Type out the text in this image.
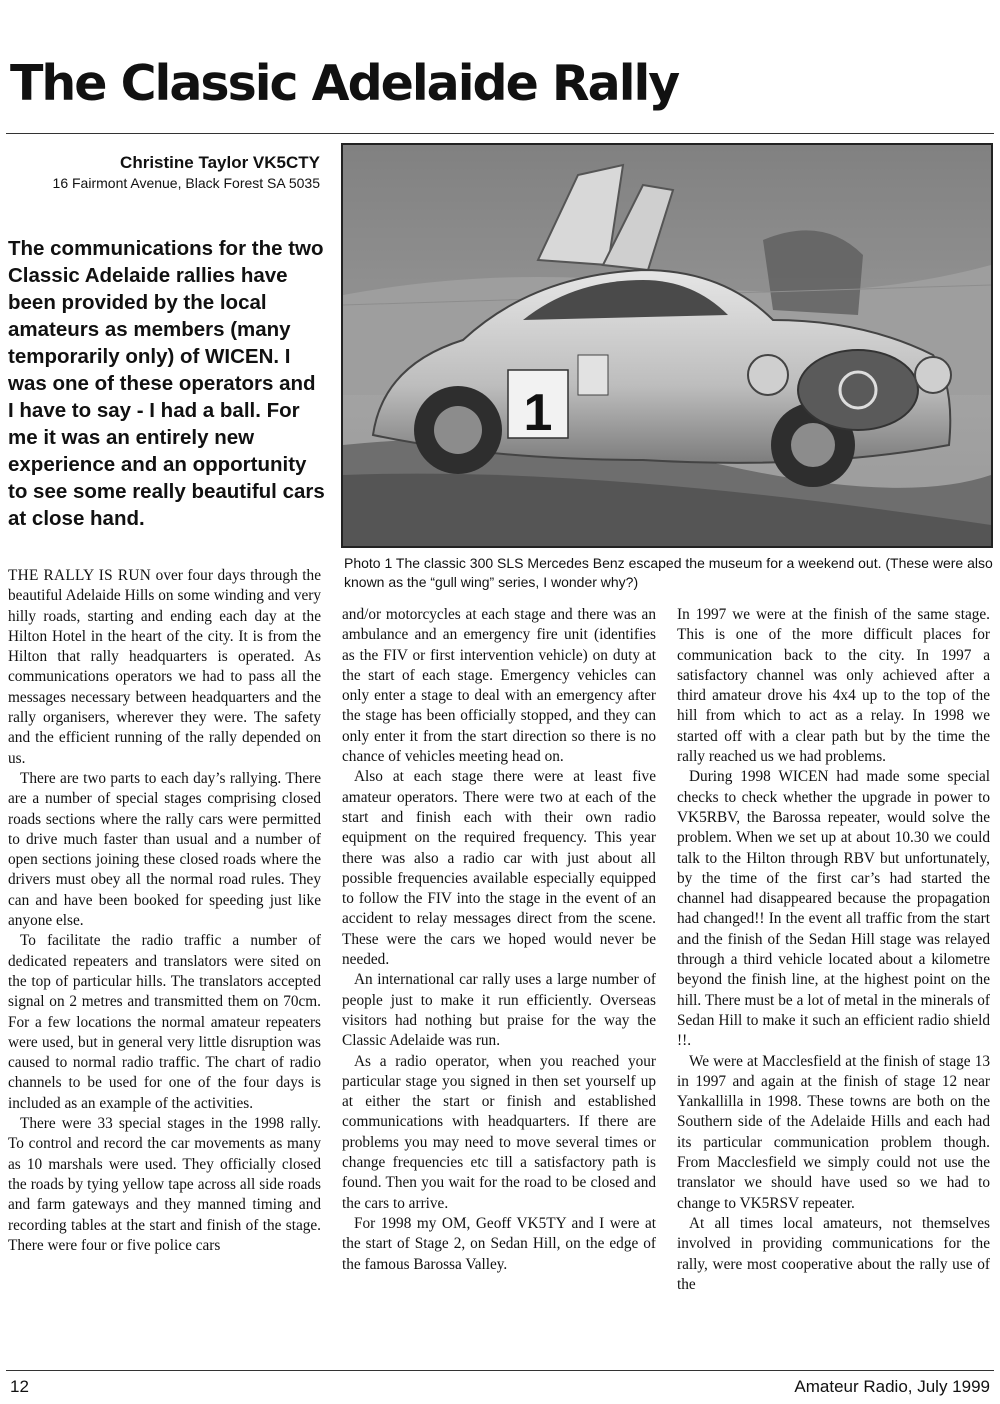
The Classic Adelaide Rally
Christine Taylor VK5CTY
16 Fairmont Avenue, Black Forest SA 5035

The communications for the two Classic Adelaide rallies have been provided by the local amateurs as members (many temporarily only) of WICEN. I was one of these operators and I have to say - I had a ball. For me it was an entirely new experience and an opportunity to see some really beautiful cars at close hand.

1

Photo 1 The classic 300 SLS Mercedes Benz escaped the museum for a weekend out. (These were also known as the “gull wing” series, I wonder why?)

THE RALLY IS RUN over four days through the beautiful Adelaide Hills on some winding and very hilly roads, starting and ending each day at the Hilton Hotel in the heart of the city. It is from the Hilton that rally headquarters is operated. As communications operators we had to pass all the messages necessary between headquarters and the rally organisers, wherever they were. The safety and the efficient running of the rally depended on us.

There are two parts to each day’s rallying. There are a number of special stages comprising closed roads sections where the rally cars were permitted to drive much faster than usual and a number of open sections joining these closed roads where the drivers must obey all the normal road rules. They can and have been booked for speeding just like anyone else.

To facilitate the radio traffic a number of dedicated repeaters and translators were sited on the top of particular hills. The translators accepted signal on 2 metres and transmitted them on 70cm. For a few locations the normal amateur repeaters were used, but in general very little disruption was caused to normal radio traffic. The chart of radio channels to be used for one of the four days is included as an example of the activities.

There were 33 special stages in the 1998 rally. To control and record the car movements as many as 10 marshals were used. They officially closed the roads by tying yellow tape across all side roads and farm gateways and they manned timing and recording tables at the start and finish of the stage. There were four or five police cars

and/or motorcycles at each stage and there was an ambulance and an emergency fire unit (identifies as the FIV or first intervention vehicle) on duty at the start of each stage. Emergency vehicles can only enter a stage to deal with an emergency after the stage has been officially stopped, and they can only enter it from the start direction so there is no chance of vehicles meeting head on.

Also at each stage there were at least five amateur operators. There were two at each of the start and finish each with their own radio equipment on the required frequency. This year there was also a radio car with just about all possible frequencies available especially equipped to follow the FIV into the stage in the event of an accident to relay messages direct from the scene. These were the cars we hoped would never be needed.

An international car rally uses a large number of people just to make it run efficiently. Overseas visitors had nothing but praise for the way the Classic Adelaide was run.

As a radio operator, when you reached your particular stage you signed in then set yourself up at either the start or finish and established communications with headquarters. If there are problems you may need to move several times or change frequencies etc till a satisfactory path is found. Then you wait for the road to be closed and the cars to arrive.

For 1998 my OM, Geoff VK5TY and I were at the start of Stage 2, on Sedan Hill, on the edge of the famous Barossa Valley.

In 1997 we were at the finish of the same stage. This is one of the more difficult places for communication back to the city. In 1997 a satisfactory channel was only achieved after a third amateur drove his 4x4 up to the top of the hill from which to act as a relay. In 1998 we started off with a clear path but by the time the rally reached us we had problems.

During 1998 WICEN had made some special checks to check whether the upgrade in power to VK5RBV, the Barossa repeater, would solve the problem. When we set up at about 10.30 we could talk to the Hilton through RBV but unfortunately, by the time of the first car’s had started the channel had disappeared because the propagation had changed!! In the event all traffic from the start and the finish of the Sedan Hill stage was relayed through a third vehicle located about a kilometre beyond the finish line, at the highest point on the hill. There must be a lot of metal in the minerals of Sedan Hill to make it such an efficient radio shield !!.

We were at Macclesfield at the finish of stage 13 in 1997 and again at the finish of stage 12 near Yankallilla in 1998. These towns are both on the Southern side of the Adelaide Hills and each had its particular communication problem though. From Macclesfield we simply could not use the translator we should have used so we had to change to VK5RSV repeater.

At all times local amateurs, not themselves involved in providing communications for the rally, were most cooperative about the rally use of the

12	Amateur Radio, July 1999
